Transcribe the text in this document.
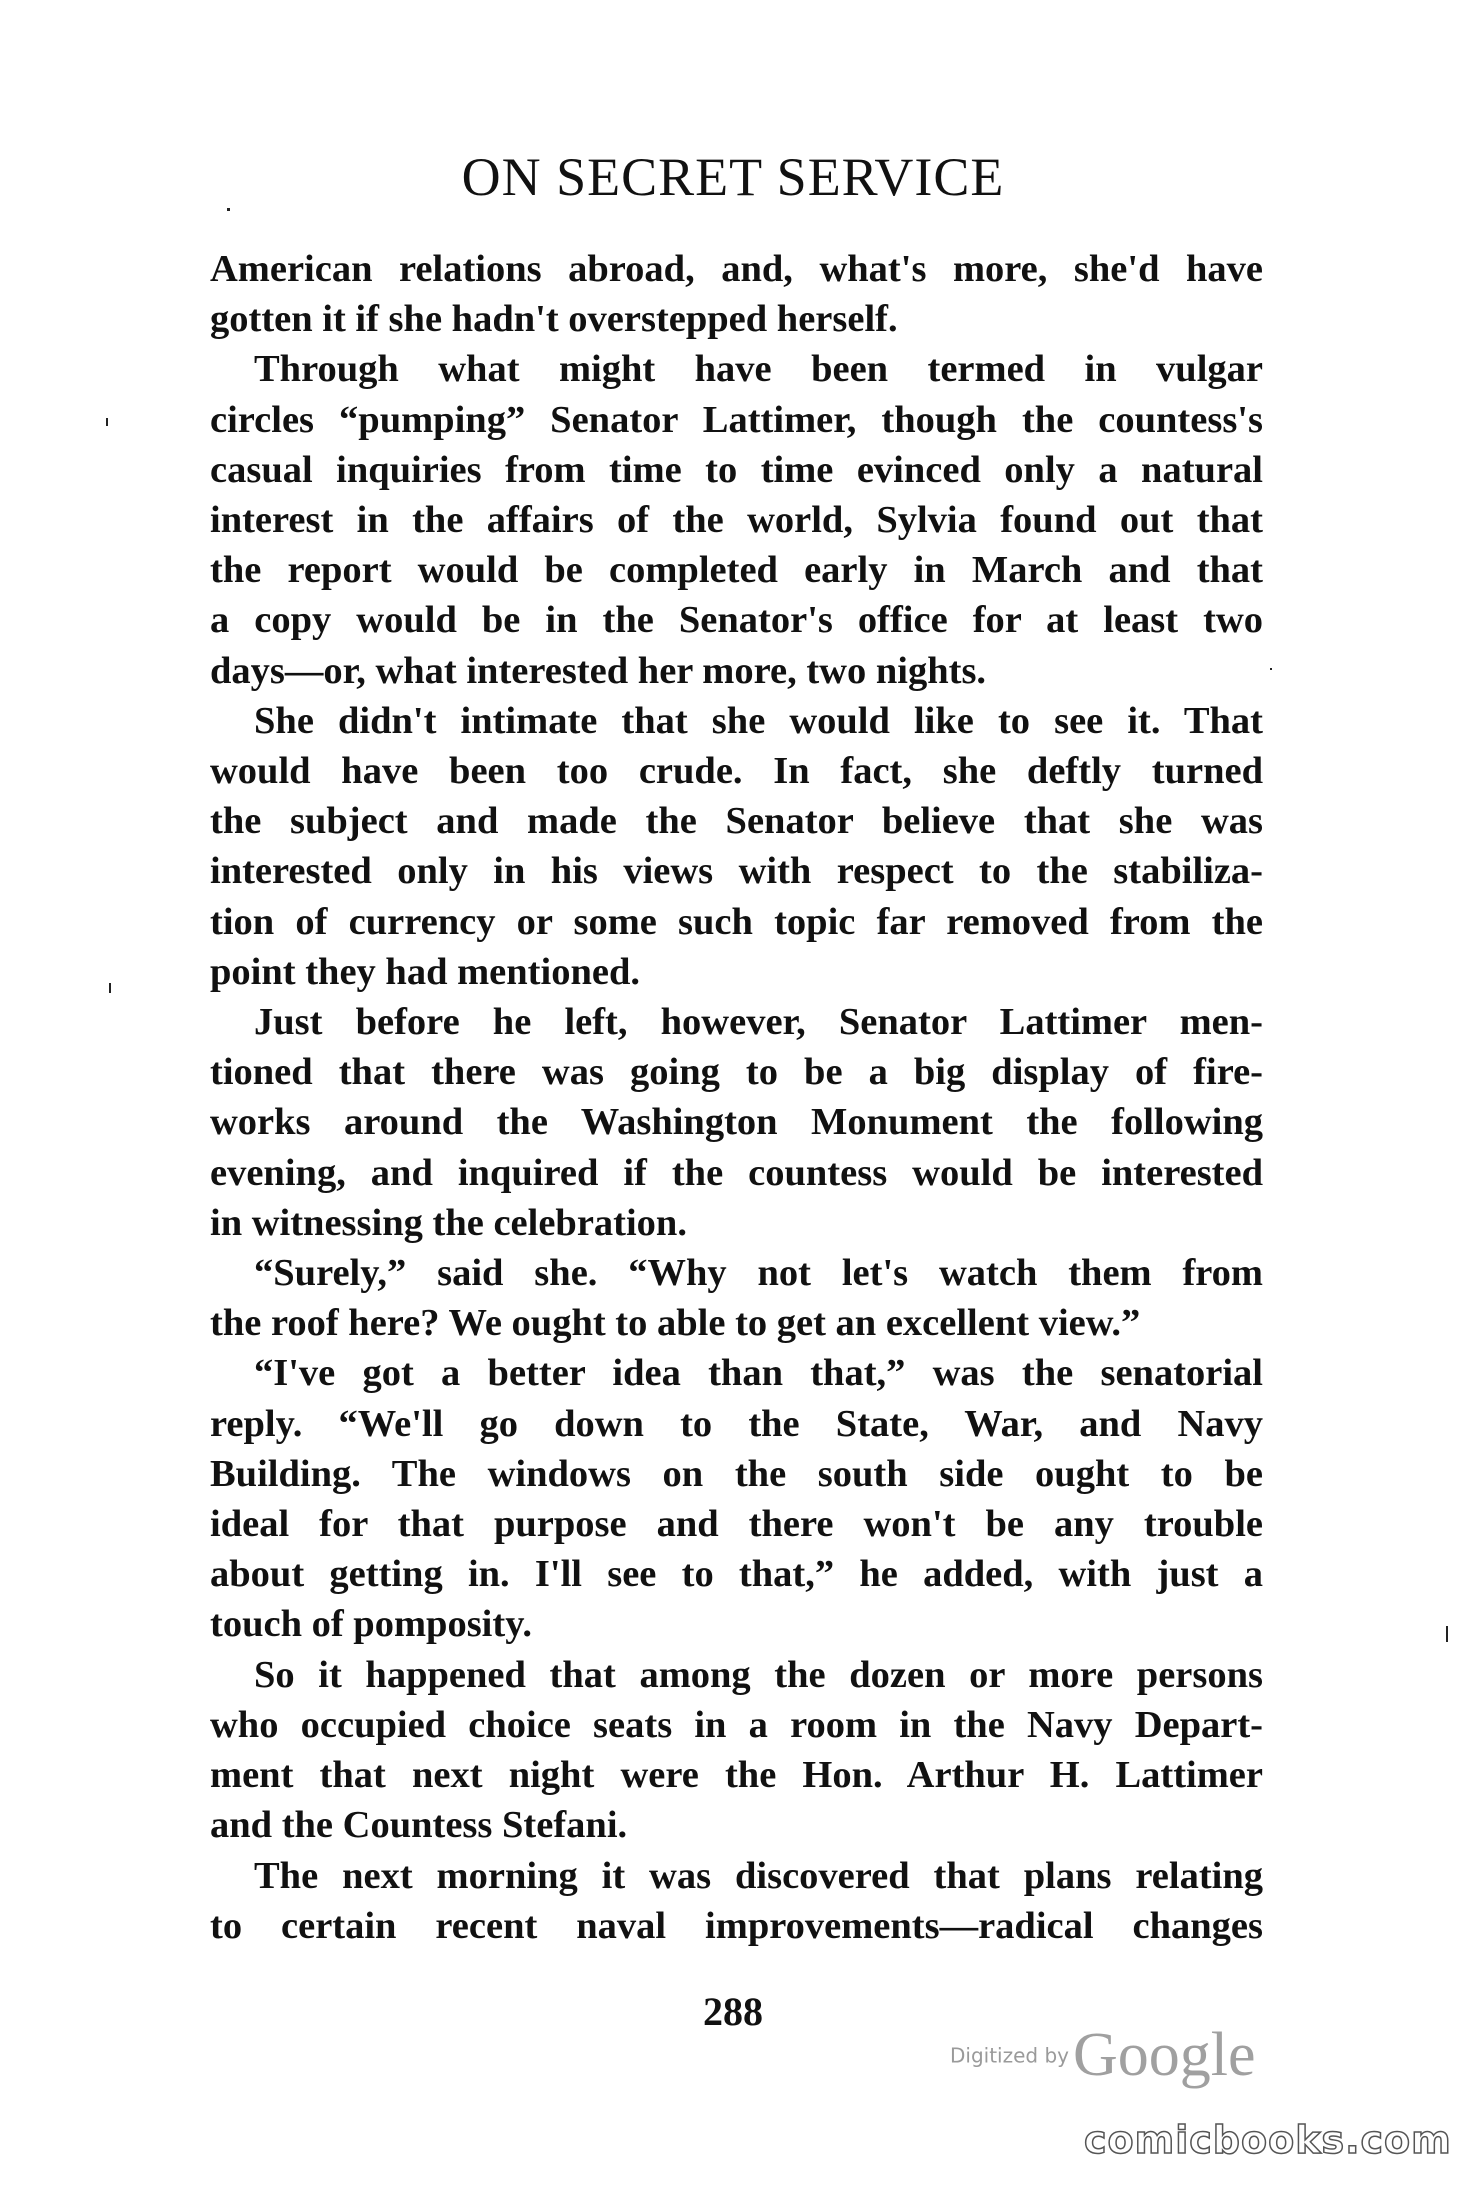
ON SECRET SERVICE

American relations abroad, and, what's more, she'd have
gotten it if she hadn't overstepped herself.

Through what might have been termed in vulgar
circles “pumping” Senator Lattimer, though the countess's
casual inquiries from time to time evinced only a natural
interest in the affairs of the world, Sylvia found out that
the report would be completed early in March and that
a copy would be in the Senator's office for at least two
days—or, what interested her more, two nights.

She didn't intimate that she would like to see it. That
would have been too crude. In fact, she deftly turned
the subject and made the Senator believe that she was
interested only in his views with respect to the stabiliza-
tion of currency or some such topic far removed from the
point they had mentioned.

Just before he left, however, Senator Lattimer men-
tioned that there was going to be a big display of fire-
works around the Washington Monument the following
evening, and inquired if the countess would be interested
in witnessing the celebration.

“Surely,” said she. “Why not let's watch them from
the roof here? We ought to able to get an excellent view.”

“I've got a better idea than that,” was the senatorial
reply. “We'll go down to the State, War, and Navy
Building. The windows on the south side ought to be
ideal for that purpose and there won't be any trouble
about getting in. I'll see to that,” he added, with just a
touch of pomposity.

So it happened that among the dozen or more persons
who occupied choice seats in a room in the Navy Depart-
ment that next night were the Hon. Arthur H. Lattimer
and the Countess Stefani.

The next morning it was discovered that plans relating
to certain recent naval improvements—radical changes

288
Digitized by Google
comicbooks.com
